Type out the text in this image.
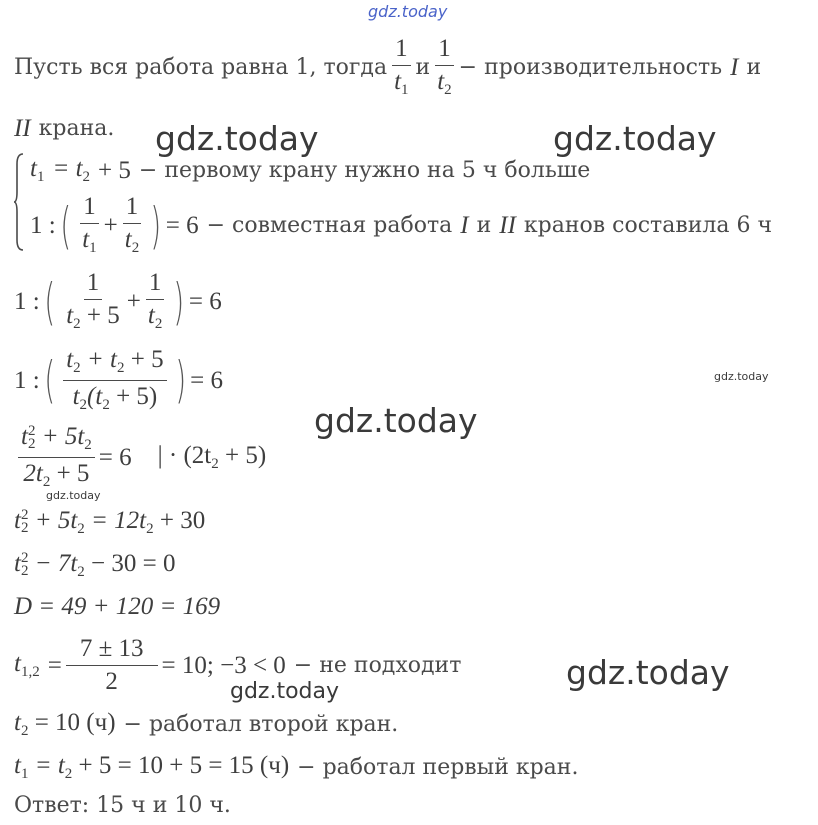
gdz.today
Пусть вся работа равна 1, тогда $\frac{1}{t_1}$ и $\frac{1}{t_2}$ − производительность I и
II крана. gdz.today	gdz.today
$t_1 = t_2 + 5$ − первому крану нужно на 5 ч больше
1 : ( $\frac{1}{t_1} + \frac{1}{t_2}$ ) = 6 − совместная работа I и II кранов составила 6 ч
1 : ( $\frac{1}{t_2 + 5} + \frac{1}{t_2}$ ) = 6
1 : ( $\frac{t_2 + t_2 + 5}{t_2(t_2 + 5)}$ ) = 6	gdz.today
gdz.today
t 2
$2 + 5t_2$
$2t_2 + 5 = 6$ | · $(2t_2 + 5)$
gdz.today
t 2
$2 + 5t_2 = 12t_2 + 30$
t 2
$2 - 7t_2 - 30 = 0$
D = 49 + 120 = 169
$t_{1,2} = \frac{7 \pm 13}{2} = 10$; −3 < 0 − не подходит	gdz.today
gdz.today
$t_2 = 10$ (ч) − работал второй кран.
$t_1 = t_2 + 5 = 10 + 5 = 15$ (ч) − работал первый кран.
Ответ: 15 ч и 10 ч.
